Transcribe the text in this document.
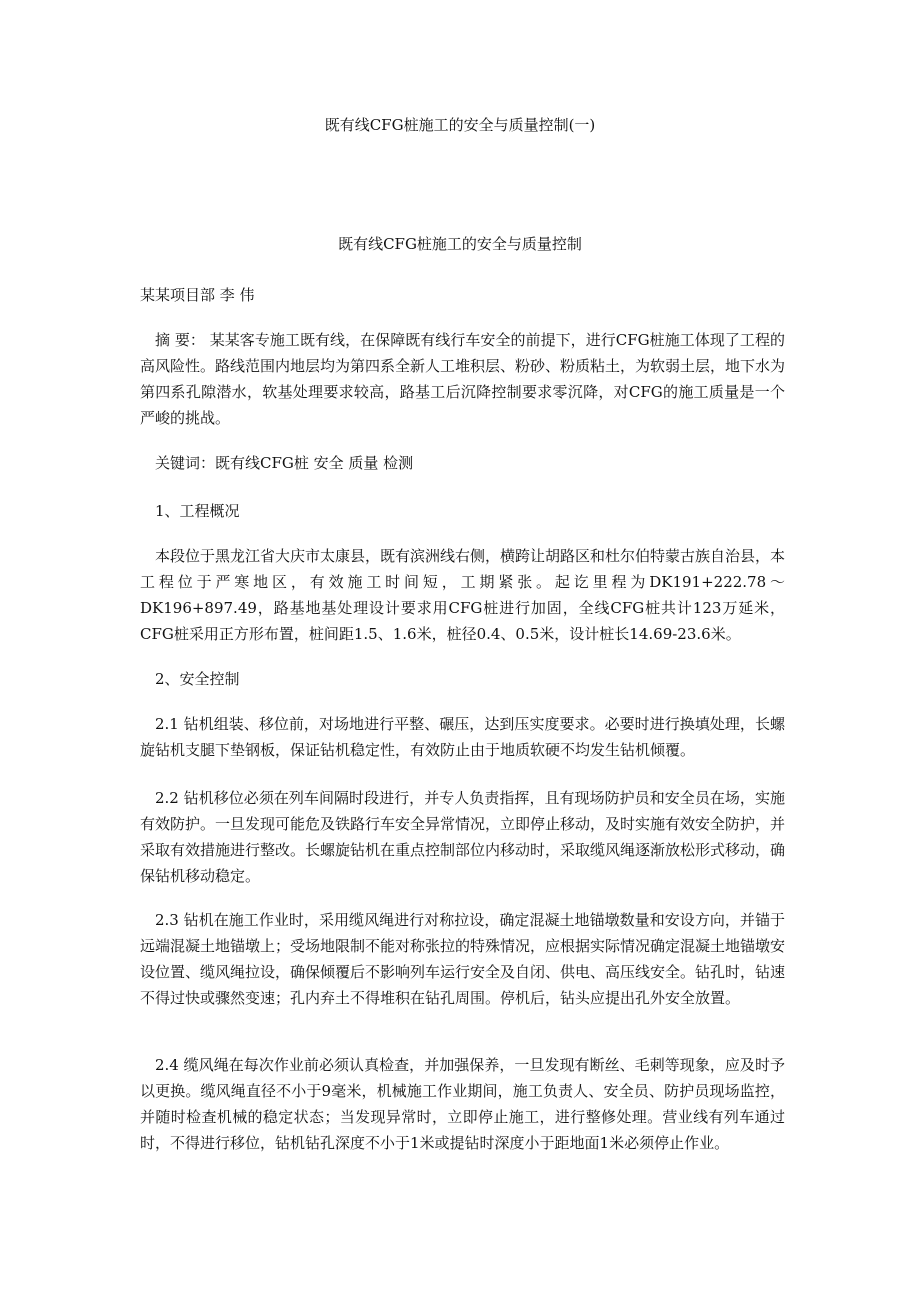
既有线CFG桩施工的安全与质量控制(一)
既有线CFG桩施工的安全与质量控制
某某项目部 李 伟

摘 要： 某某客专施工既有线，在保障既有线行车安全的前提下，进行CFG桩施工体现了工程的高风险性。路线范围内地层均为第四系全新人工堆积层、粉砂、粉质粘土，为软弱土层，地下水为第四系孔隙潜水，软基处理要求较高，路基工后沉降控制要求零沉降，对CFG的施工质量是一个严峻的挑战。

关键词：既有线CFG桩 安全 质量 检测
1、工程概况

本段位于黑龙江省大庆市太康县，既有滨洲线右侧，横跨让胡路区和杜尔伯特蒙古族自治县，本工程位于严寒地区，有效施工时间短，工期紧张。起讫里程为DK191+222.78～DK196+897.49，路基地基处理设计要求用CFG桩进行加固，全线CFG桩共计123万延米，CFG桩采用正方形布置，桩间距1.5、1.6米，桩径0.4、0.5米，设计桩长14.69-23.6米。

2、安全控制

2.1 钻机组装、移位前，对场地进行平整、碾压，达到压实度要求。必要时进行换填处理，长螺旋钻机支腿下垫钢板，保证钻机稳定性，有效防止由于地质软硬不均发生钻机倾覆。

2.2 钻机移位必须在列车间隔时段进行，并专人负责指挥，且有现场防护员和安全员在场，实施有效防护。一旦发现可能危及铁路行车安全异常情况，立即停止移动，及时实施有效安全防护，并采取有效措施进行整改。长螺旋钻机在重点控制部位内移动时，采取缆风绳逐渐放松形式移动，确保钻机移动稳定。

2.3 钻机在施工作业时，采用缆风绳进行对称拉设，确定混凝土地锚墩数量和安设方向，并锚于远端混凝土地锚墩上；受场地限制不能对称张拉的特殊情况，应根据实际情况确定混凝土地锚墩安设位置、缆风绳拉设，确保倾覆后不影响列车运行安全及自闭、供电、高压线安全。钻孔时，钻速不得过快或骤然变速；孔内弃土不得堆积在钻孔周围。停机后，钻头应提出孔外安全放置。

2.4 缆风绳在每次作业前必须认真检查，并加强保养，一旦发现有断丝、毛刺等现象，应及时予以更换。缆风绳直径不小于9毫米，机械施工作业期间，施工负责人、安全员、防护员现场监控，并随时检查机械的稳定状态；当发现异常时，立即停止施工，进行整修处理。营业线有列车通过时，不得进行移位，钻机钻孔深度不小于1米或提钻时深度小于距地面1米必须停止作业。
